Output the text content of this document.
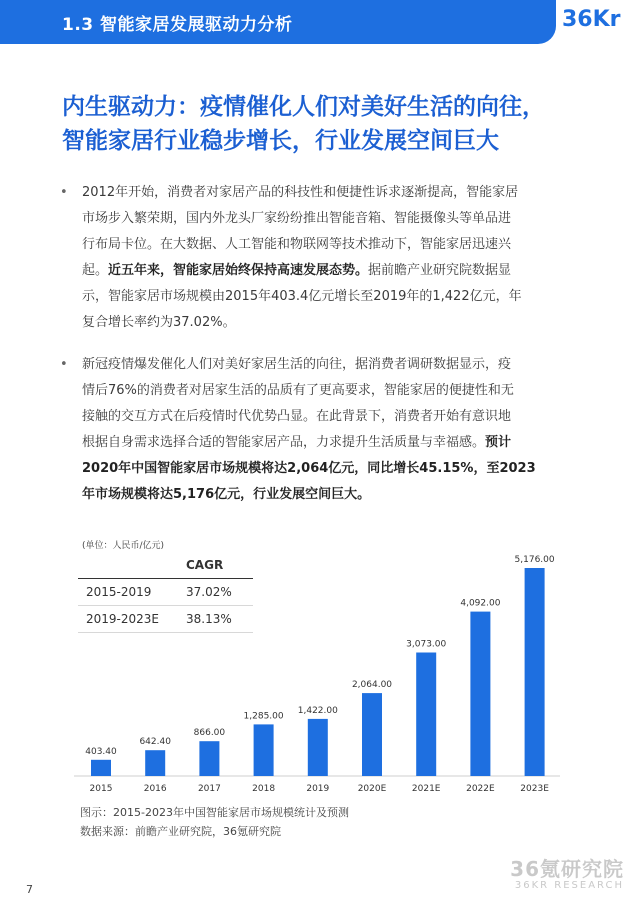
1.3 智能家居发展驱动力分析	36Kr
内生驱动力：疫情催化人们对美好生活的向往，
智能家居行业稳步增长，行业发展空间巨大
• 2012年开始，消费者对家居产品的科技性和便捷性诉求逐渐提高，智能家居
市场步入繁荣期，国内外龙头厂家纷纷推出智能音箱、智能摄像头等单品进
行布局卡位。在大数据、人工智能和物联网等技术推动下，智能家居迅速兴
起。近五年来，智能家居始终保持高速发展态势。据前瞻产业研究院数据显
示，智能家居市场规模由2015年403.4亿元增长至2019年的1,422亿元，年
复合增长率约为37.02%。
• 新冠疫情爆发催化人们对美好家居生活的向往，据消费者调研数据显示，疫
情后76%的消费者对居家生活的品质有了更高要求，智能家居的便捷性和无
接触的交互方式在后疫情时代优势凸显。在此背景下，消费者开始有意识地
根据自身需求选择合适的智能家居产品，力求提升生活质量与幸福感。预计
2020年中国智能家居市场规模将达2,064亿元，同比增长45.15%，至2023
年市场规模将达5,176亿元，行业发展空间巨大。
(单位：人民币/亿元)
CAGR
2015-2019	37.02%
2019-2023E 38.13%
403.40
2015
642.40
2016
866.00
2017
1,285.00
2018
1,422.00
2019
2,064.00
2020E
3,073.00
2021E
4,092.00
2022E
5,176.00
2023E
图示：2015-2023年中国智能家居市场规模统计及预测
数据来源：前瞻产业研究院，36氪研究院
36氪研究院
36KR RESEARCH
7
